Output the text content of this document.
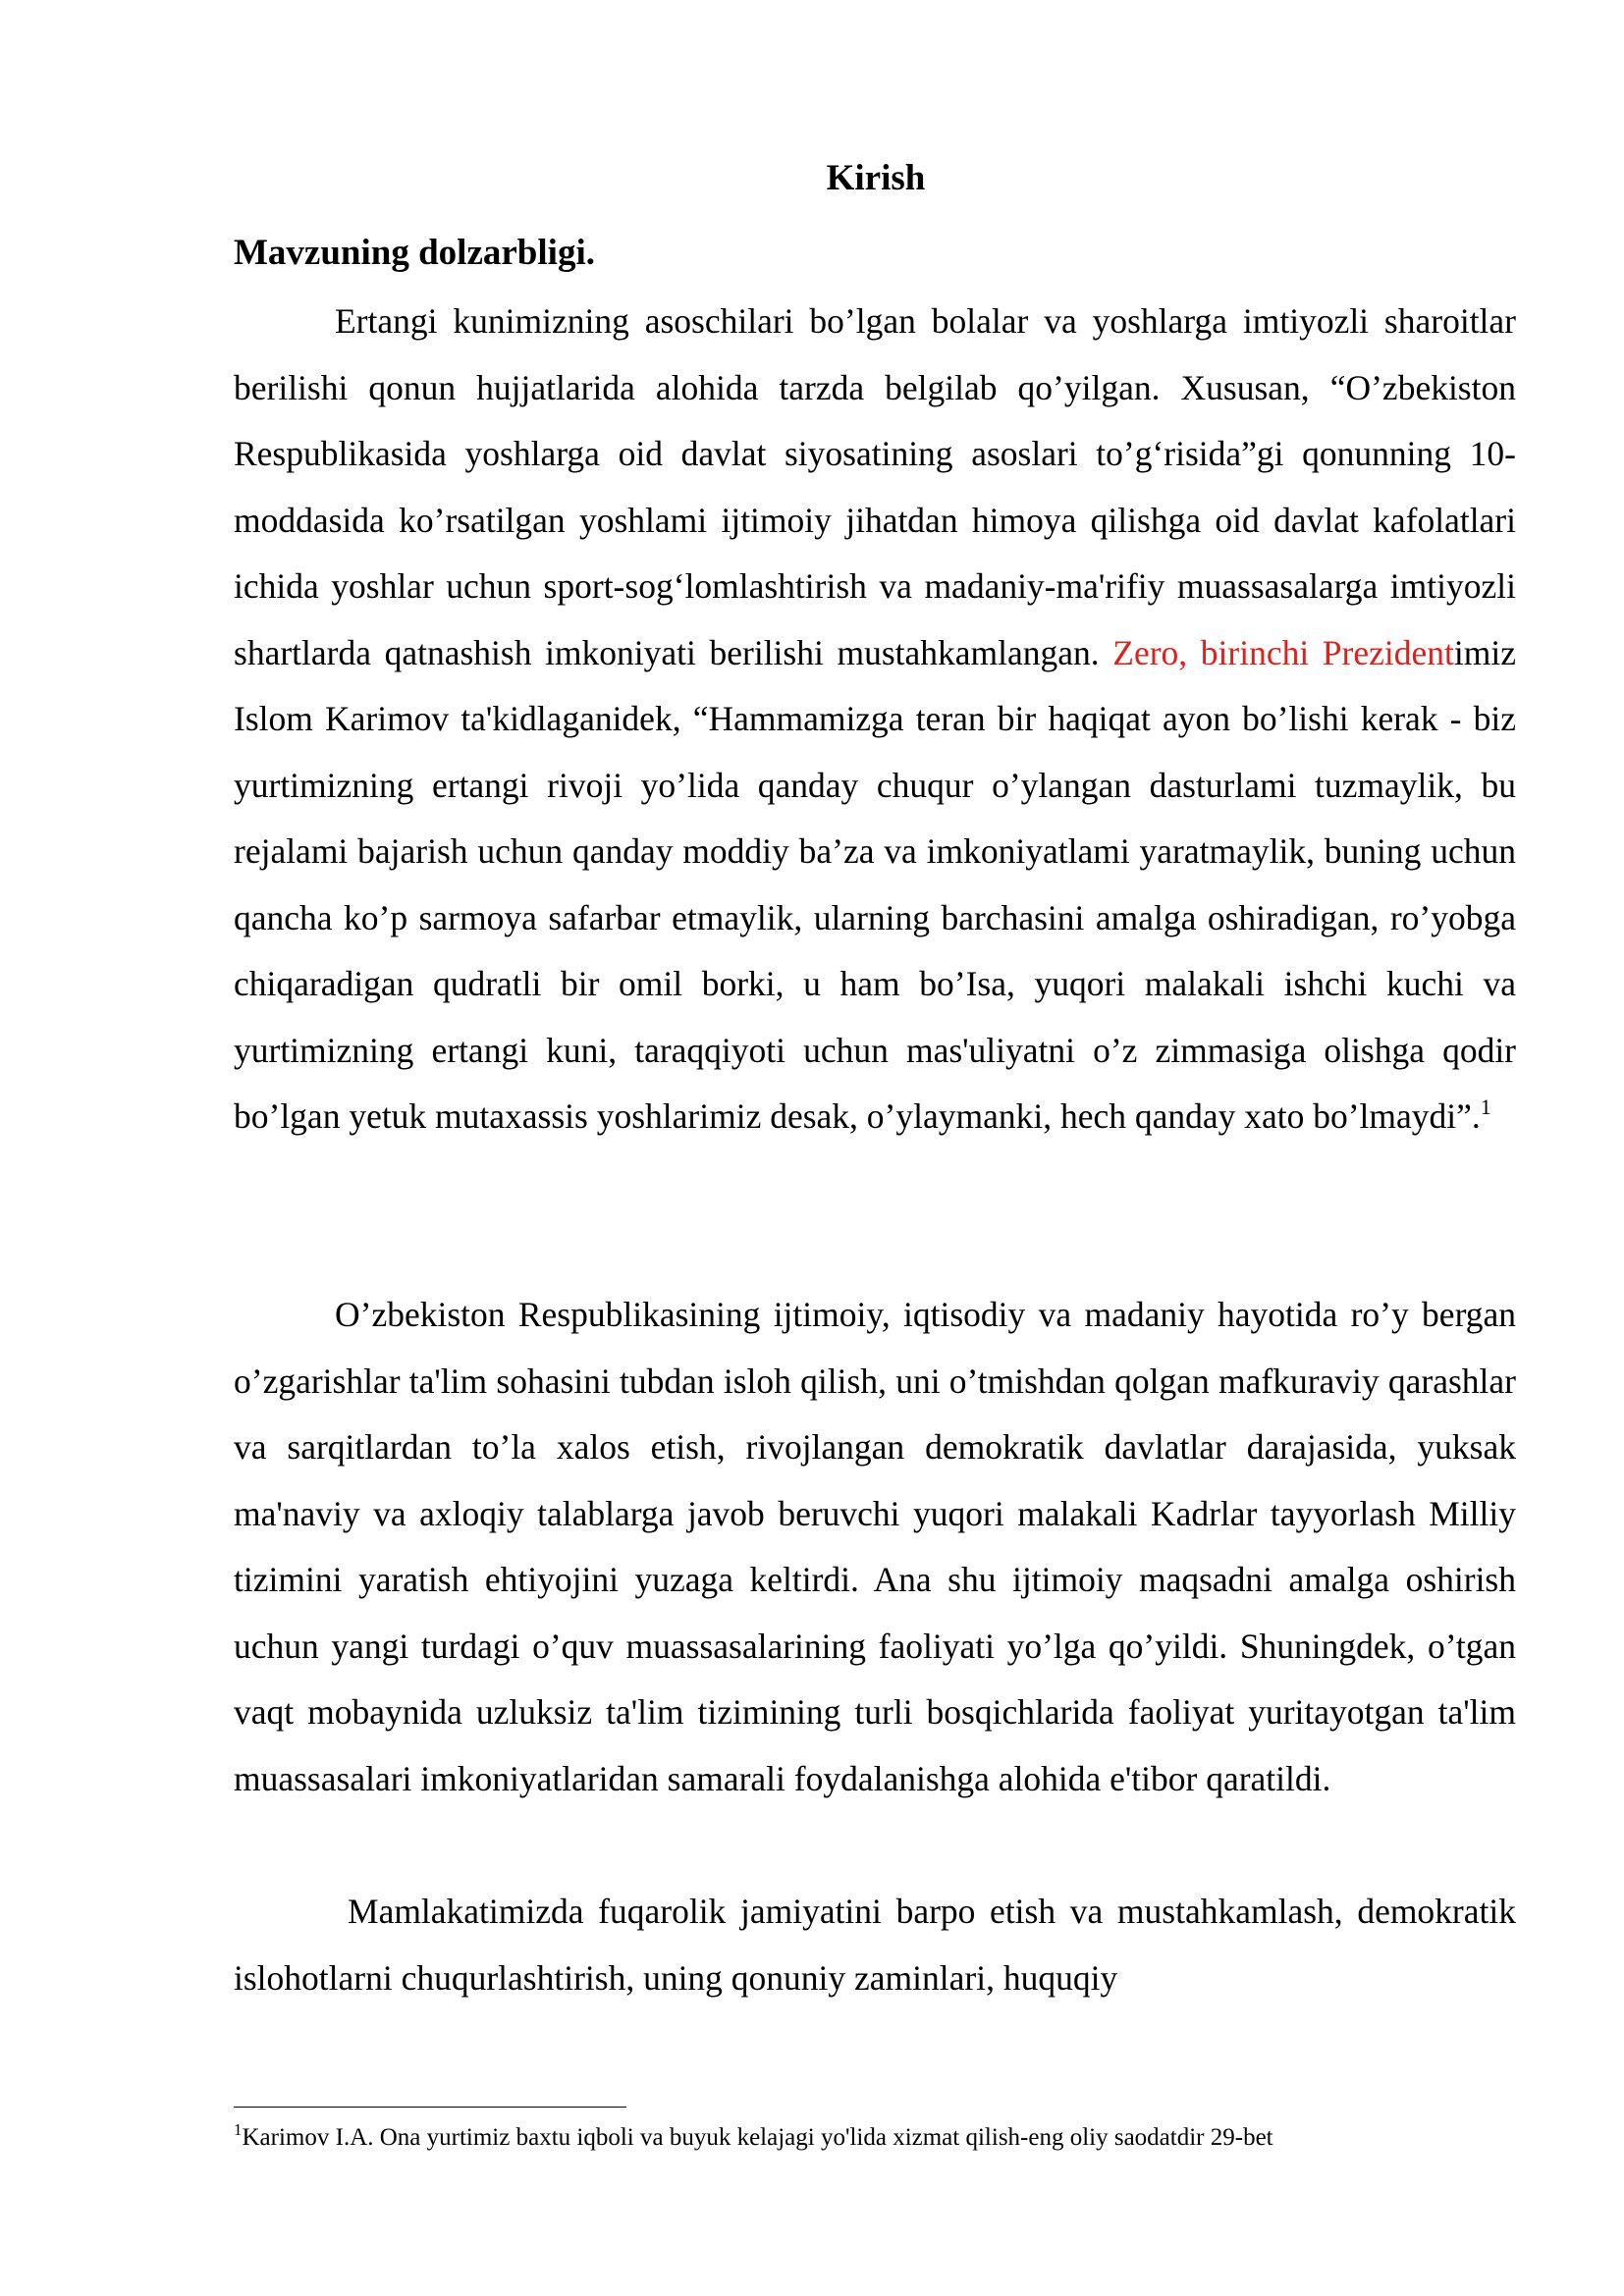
Kirish
Mavzuning dolzarbligi.

Ertangi kunimizning asoschilari bo’lgan bolalar va yoshlarga imtiyozli sharoitlar berilishi qonun hujjatlarida alohida tarzda belgilab qo’yilgan. Xususan, “O’zbekiston Respublikasida yoshlarga oid davlat siyosatining asoslari to’g‘risida”gi qonunning 10-moddasida ko’rsatilgan yoshlami ijtimoiy jihatdan himoya qilishga oid davlat kafolatlari ichida yoshlar uchun sport-sog‘lomlashtirish va madaniy-ma'rifiy muassasalarga imtiyozli shartlarda qatnashish imkoniyati berilishi mustahkamlangan. Zero, birinchi Prezidentimiz Islom Karimov ta'kidlaganidek, “Hammamizga teran bir haqiqat ayon bo’lishi kerak - biz yurtimizning ertangi rivoji yo’lida qanday chuqur o’ylangan dasturlami tuzmaylik, bu rejalami bajarish uchun qanday moddiy ba’za va imkoniyatlami yaratmaylik, buning uchun qancha ko’p sarmoya safarbar etmaylik, ularning barchasini amalga oshiradigan, ro’yobga chiqaradigan qudratli bir omil borki, u ham bo’Isa, yuqori malakali ishchi kuchi va yurtimizning ertangi kuni, taraqqiyoti uchun mas'uliyatni o’z zimmasiga olishga qodir bo’lgan yetuk mutaxassis yoshlarimiz desak, o’ylaymanki, hech qanday xato bo’lmaydi”.$^1$

O’zbekiston Respublikasining ijtimoiy, iqtisodiy va madaniy hayotida ro’y bergan o’zgarishlar ta'lim sohasini tubdan isloh qilish, uni o’tmishdan qolgan mafkuraviy qarashlar va sarqitlardan to’la xalos etish, rivojlangan demokratik davlatlar darajasida, yuksak ma'naviy va axloqiy talablarga javob beruvchi yuqori malakali Kadrlar tayyorlash Milliy tizimini yaratish ehtiyojini yuzaga keltirdi. Ana shu ijtimoiy maqsadni amalga oshirish uchun yangi turdagi o’quv muassasalarining faoliyati yo’lga qo’yildi. Shuningdek, o’tgan vaqt mobaynida uzluksiz ta'lim tizimining turli bosqichlarida faoliyat yuritayotgan ta'lim muassasalari imkoniyatlaridan samarali foydalanishga alohida e'tibor qaratildi.

Mamlakatimizda fuqarolik jamiyatini barpo etish va mustahkamlash, demokratik islohotlarni chuqurlashtirish, uning qonuniy zaminlari, huquqiy

$^1$Karimov I.A. Ona yurtimiz baxtu iqboli va buyuk kelajagi yo'lida xizmat qilish-eng oliy saodatdir 29-bet
